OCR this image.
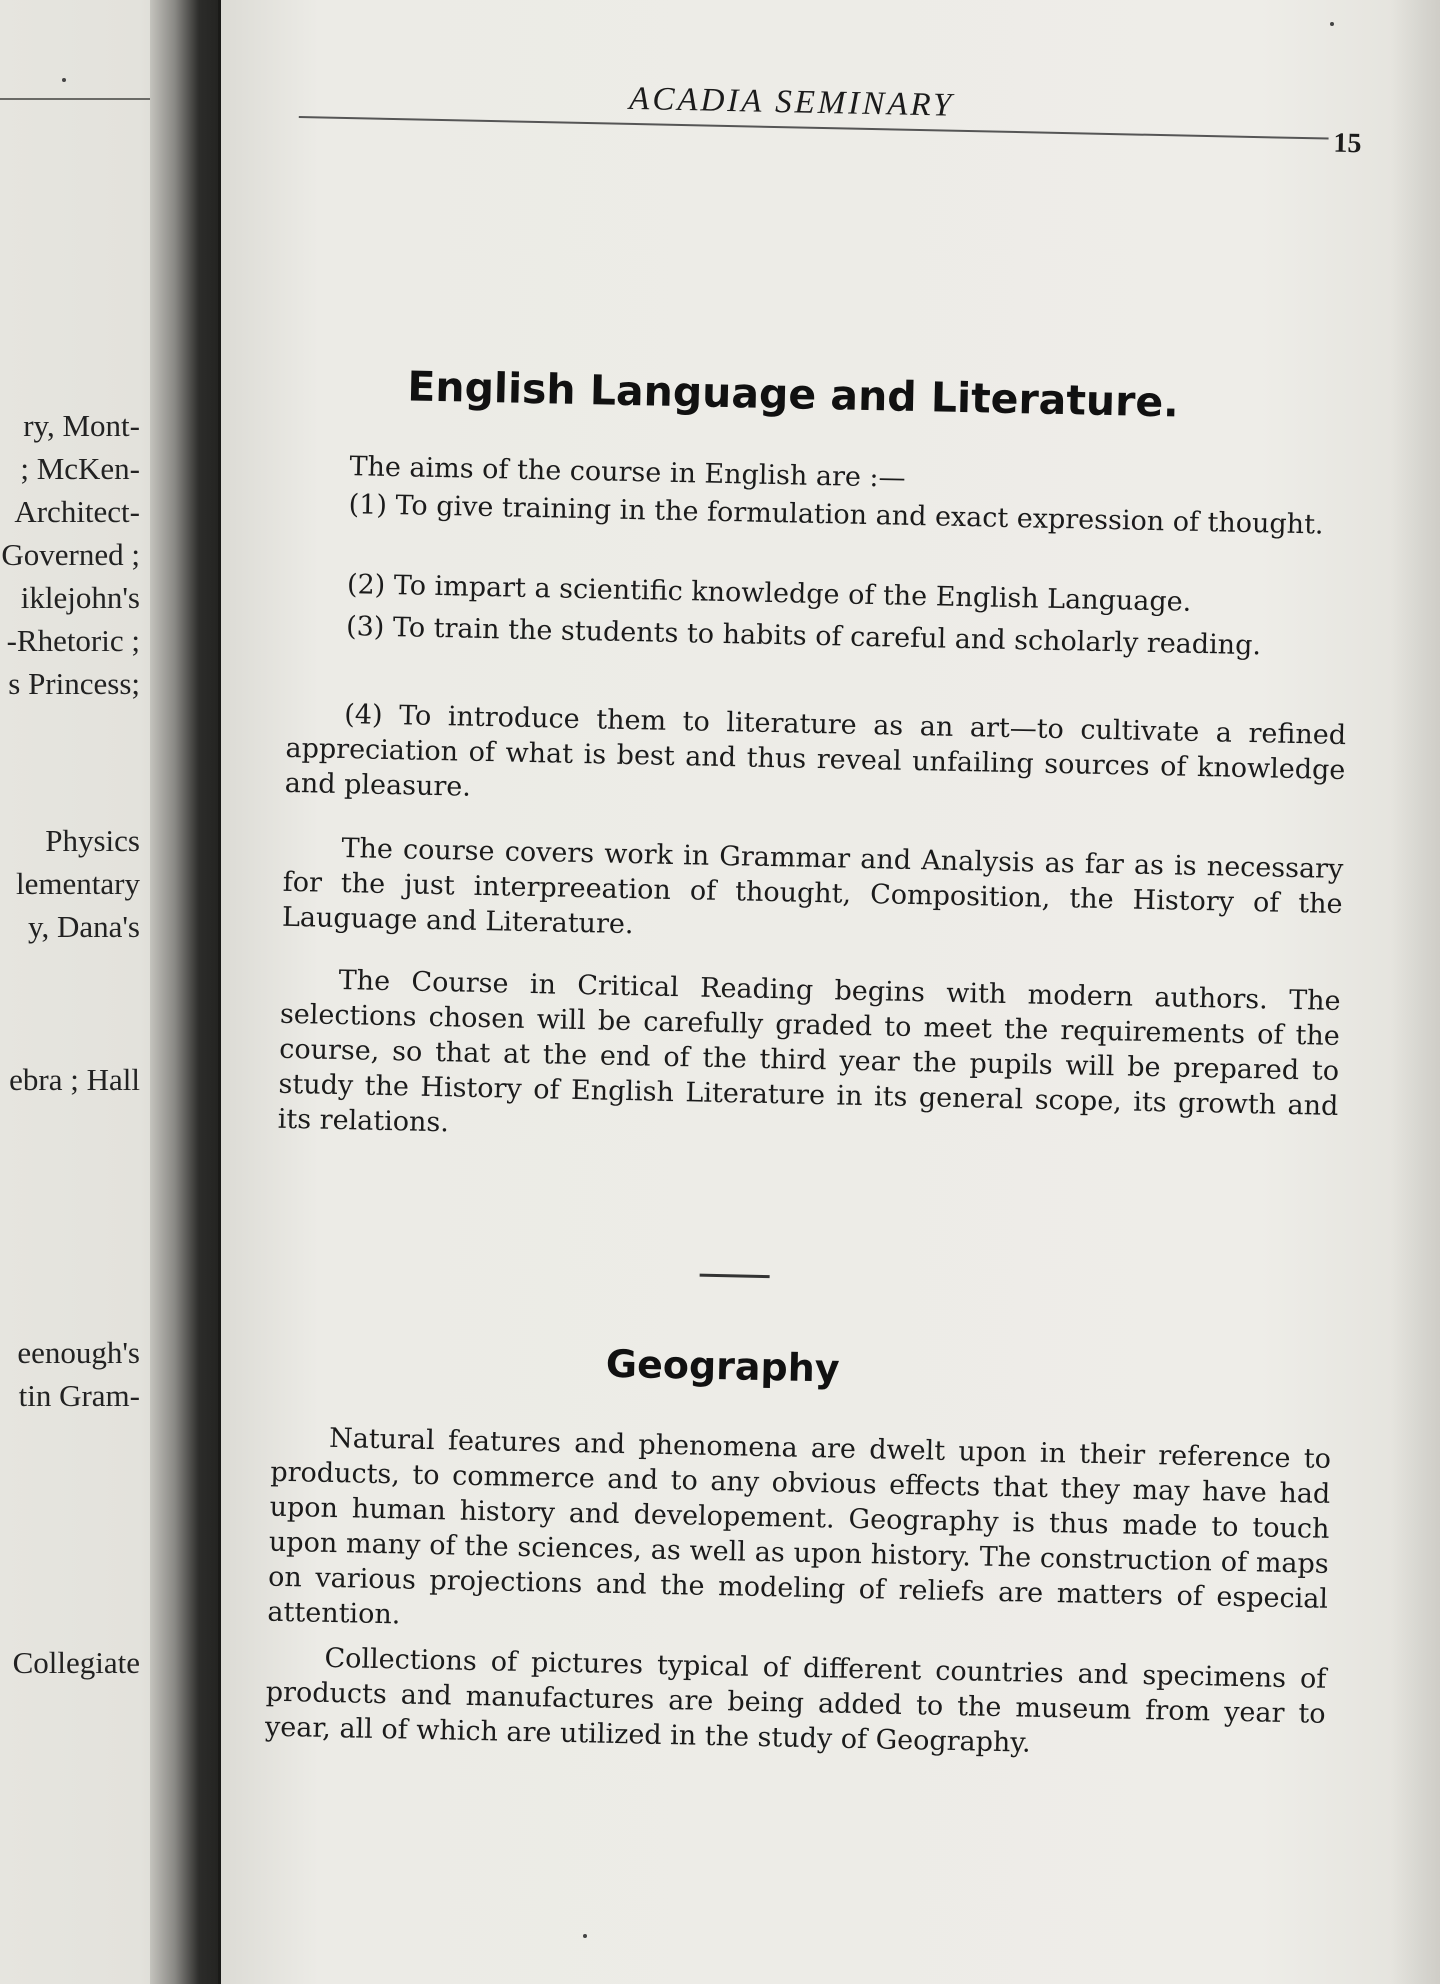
ry, Mont-
; McKen-
Architect-
Governed ;
iklejohn's
-Rhetoric ;
s Princess;
Physics
lementary
y, Dana's
ebra ; Hall
eenough's
tin Gram-
Collegiate
ACADIA SEMINARY
15
English Language and Literature.

The aims of the course in English are :—

(1) To give training in the formulation and exact expression of thought.

(2) To impart a scientific knowledge of the English Language.

(3) To train the students to habits of careful and scholarly reading.

(4) To introduce them to literature as an art—to cultivate a refined appreciation of what is best and thus reveal unfailing sources of knowledge and pleasure.

The course covers work in Grammar and Analysis as far as is necessary for the just interpreeation of thought, Composition, the History of the Lauguage and Literature.

The Course in Critical Reading begins with modern authors. The selections chosen will be carefully graded to meet the requirements of the course, so that at the end of the third year the pupils will be prepared to study the History of English Literature in its general scope, its growth and its relations.

Geography

Natural features and phenomena are dwelt upon in their reference to products, to commerce and to any obvious effects that they may have had upon human history and developement. Geography is thus made to touch upon many of the sciences, as well as upon history. The construction of maps on various projections and the modeling of reliefs are matters of especial attention.

Collections of pictures typical of different countries and specimens of products and manufactures are being added to the museum from year to year, all of which are utilized in the study of Geography.
